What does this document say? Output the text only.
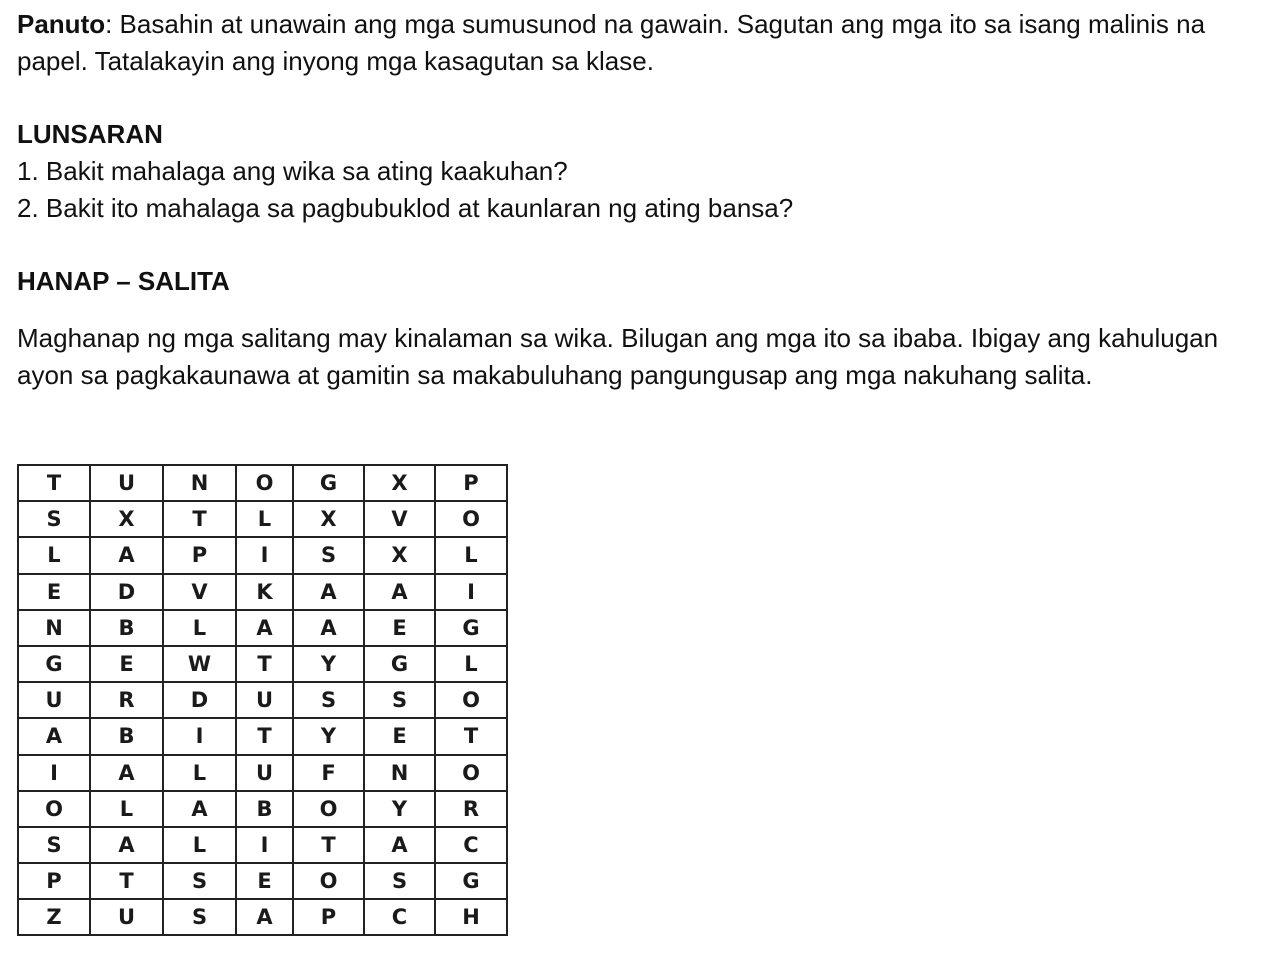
Panuto: Basahin at unawain ang mga sumusunod na gawain. Sagutan ang mga ito sa isang malinis na papel. Tatalakayin ang inyong mga kasagutan sa klase.

LUNSARAN

1. Bakit mahalaga ang wika sa ating kaakuhan?
2. Bakit ito mahalaga sa pagbubuklod at kaunlaran ng ating bansa?

HANAP – SALITA

Maghanap ng mga salitang may kinalaman sa wika. Bilugan ang mga ito sa ibaba. Ibigay ang kahulugan ayon sa pagkakaunawa at gamitin sa makabuluhang pangungusap ang mga nakuhang salita.

T	U	N	O	G	X	P
S	X	T	L	X	V	O
L	A	P	I	S	X	L
E	D	V	K	A	A	I
N	B	L	A	A	E	G
G	E	W	T	Y	G	L
U	R	D	U	S	S	O
A	B	I	T	Y	E	T
I	A	L	U	F	N	O
O	L	A	B	O	Y	R
S	A	L	I	T	A	C
P	T	S	E	O	S	G
Z	U	S	A	P	C	H
